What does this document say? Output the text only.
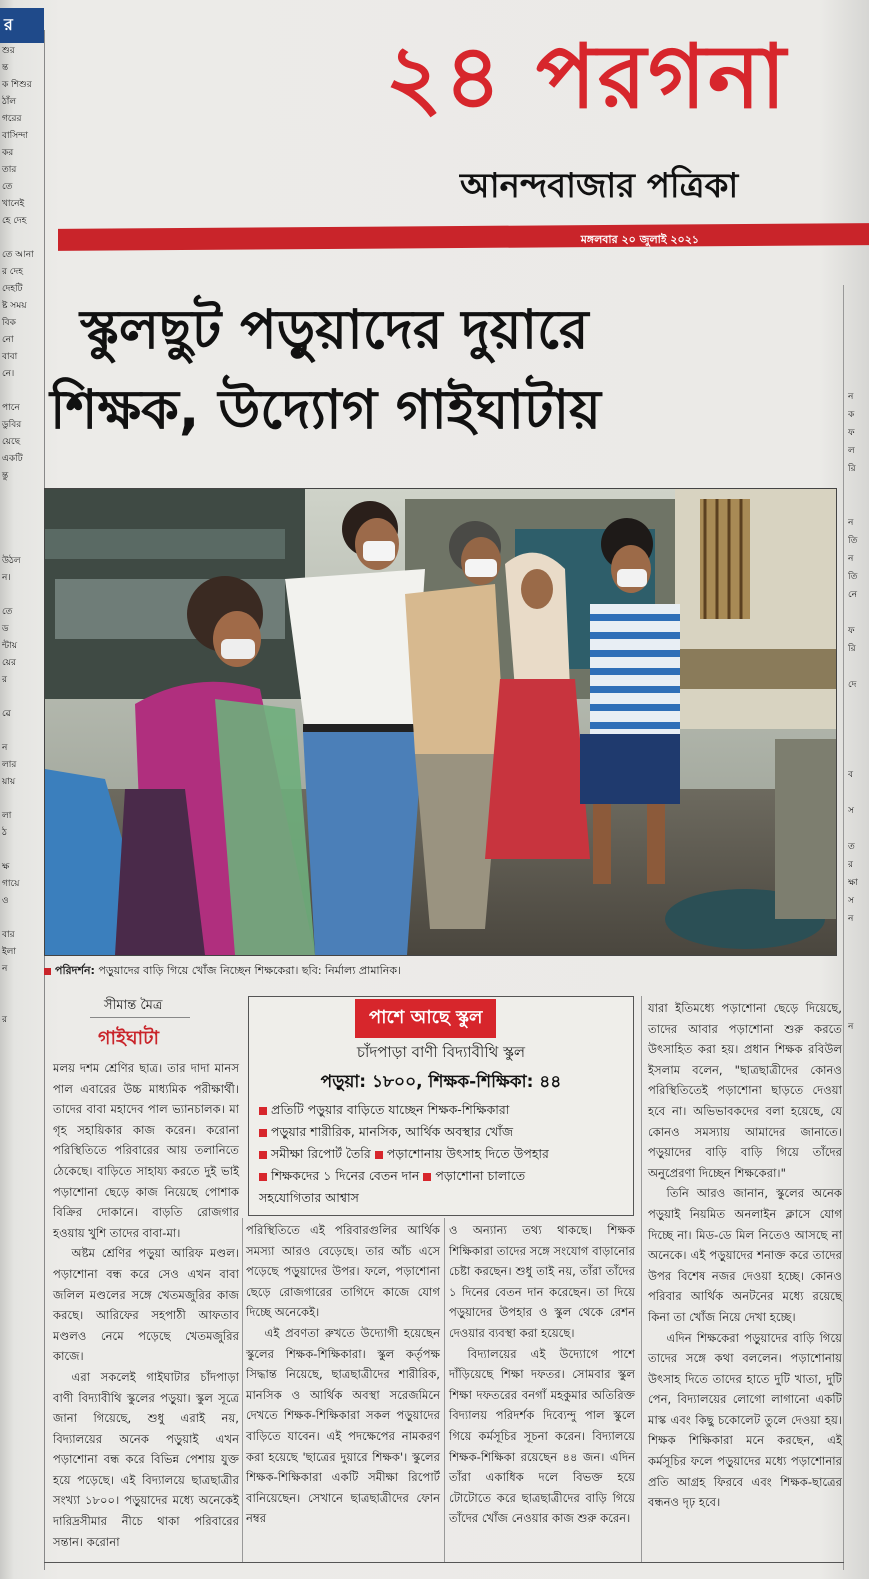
র
শুর
ন্ত
ক শিশুর
ঠাঁল
গরের
বাসিন্দা
কর
তার
তে
খানেই
হে দেহ

তে আনা
র দেহ
দেহটি
ষ্ট সময়
বিক
নো
বাবা
নে।

পানে
ডুবির
য়েছে
একটি
ন্তু

উঠল
ন।

তে
ড
ন্টায়
য়ের
র

ৱে

ন
লার
য়ায়

লা
ঠ

ক্ষ
গায়ে
ও

বার
ইলা
ন

র

ন
ক
ফ
ল
রি

ন
তি
ন
তি
নে

ফ
রি

দে

ব

স

ত
র
ক্ষা
স
ন

ন

২৪ পরগনা
আনন্দবাজার পত্রিকা
মঙ্গলবার ২০ জুলাই ২০২১
স্কুলছুট পড়ুয়াদের দুয়ারে
শিক্ষক, উদ্যোগ গাইঘাটায়
পরিদর্শন: পড়ুয়াদের বাড়ি গিয়ে খোঁজ নিচ্ছেন শিক্ষকেরা। ছবি: নির্মাল্য প্রামানিক।
সীমান্ত মৈত্র
গাইঘাটা
পাশে আছে স্কুল
চাঁদপাড়া বাণী বিদ্যাবীথি স্কুল
পড়ুয়া: ১৮০০, শিক্ষক-শিক্ষিকা: ৪৪
প্রতিটি পড়ুয়ার বাড়িতে যাচ্ছেন শিক্ষক-শিক্ষিকারা
পড়ুয়ার শারীরিক, মানসিক, আর্থিক অবস্থার খোঁজ
সমীক্ষা রিপোর্ট তৈরি পড়াশোনায় উৎসাহ দিতে উপহার
শিক্ষকদের ১ দিনের বেতন দান পড়াশোনা চালাতে
সহযোগিতার আশ্বাস

মলয় দশম শ্রেণির ছাত্র। তার দাদা মানস পাল এবারের উচ্চ মাধ্যমিক পরীক্ষার্থী। তাদের বাবা মহাদেব পাল ভ্যানচালক। মা গৃহ সহায়িকার কাজ করেন। করোনা পরিস্থিতিতে পরিবারের আয় তলানিতে ঠেকেছে। বাড়িতে সাহায্য করতে দুই ভাই পড়াশোনা ছেড়ে কাজ নিয়েছে পোশাক বিক্রির দোকানে। বাড়তি রোজগার হওয়ায় খুশি তাদের বাবা-মা।

অষ্টম শ্রেণির পড়ুয়া আরিফ মণ্ডল। পড়াশোনা বন্ধ করে সেও এখন বাবা জলিল মণ্ডলের সঙ্গে খেতমজুরির কাজ করছে। আরিফের সহপাঠী আফতাব মণ্ডলও নেমে পড়েছে খেতমজুরির কাজে।

এরা সকলেই গাইঘাটার চাঁদপাড়া বাণী বিদ্যাবীথি স্কুলের পড়ুয়া। স্কুল সূত্রে জানা গিয়েছে, শুধু এরাই নয়, বিদ্যালয়ের অনেক পড়ুয়াই এখন পড়াশোনা বন্ধ করে বিভিন্ন পেশায় যুক্ত হয়ে পড়েছে। এই বিদ্যালয়ে ছাত্রছাত্রীর সংখ্যা ১৮০০। পড়ুয়াদের মধ্যে অনেকেই দারিদ্রসীমার নীচে থাকা পরিবারের সন্তান। করোনা

পরিস্থিতিতে এই পরিবারগুলির আর্থিক সমস্যা আরও বেড়েছে। তার আঁচ এসে পড়েছে পড়ুয়াদের উপর। ফলে, পড়াশোনা ছেড়ে রোজগারের তাগিদে কাজে যোগ দিচ্ছে অনেকেই।

এই প্রবণতা রুখতে উদ্যোগী হয়েছেন স্কুলের শিক্ষক-শিক্ষিকারা। স্কুল কর্তৃপক্ষ সিদ্ধান্ত নিয়েছে, ছাত্রছাত্রীদের শারীরিক, মানসিক ও আর্থিক অবস্থা সরেজমিনে দেখতে শিক্ষক-শিক্ষিকারা সকল পড়ুয়াদের বাড়িতে যাবেন। এই পদক্ষেপের নামকরণ করা হয়েছে 'ছাত্রের দুয়ারে শিক্ষক'। স্কুলের শিক্ষক-শিক্ষিকারা একটি সমীক্ষা রিপোর্ট বানিয়েছেন। সেখানে ছাত্রছাত্রীদের ফোন নম্বর

ও অন্যান্য তথ্য থাকছে। শিক্ষক শিক্ষিকারা তাদের সঙ্গে সংযোগ বাড়ানোর চেষ্টা করছেন। শুধু তাই নয়, তাঁরা তাঁদের ১ দিনের বেতন দান করেছেন। তা দিয়ে পড়ুয়াদের উপহার ও স্কুল থেকে রেশন দেওয়ার ব্যবস্থা করা হয়েছে।

বিদ্যালয়ের এই উদ্যোগে পাশে দাঁড়িয়েছে শিক্ষা দফতর। সোমবার স্কুল শিক্ষা দফতরের বনগাঁ মহকুমার অতিরিক্ত বিদ্যালয় পরিদর্শক দিব্যেন্দু পাল স্কুলে গিয়ে কর্মসূচির সূচনা করেন। বিদ্যালয়ে শিক্ষক-শিক্ষিকা রয়েছেন ৪৪ জন। এদিন তাঁরা একাধিক দলে বিভক্ত হয়ে টোটোতে করে ছাত্রছাত্রীদের বাড়ি গিয়ে তাঁদের খোঁজ নেওয়ার কাজ শুরু করেন।

যারা ইতিমধ্যে পড়াশোনা ছেড়ে দিয়েছে, তাদের আবার পড়াশোনা শুরু করতে উৎসাহিত করা হয়। প্রধান শিক্ষক রবিউল ইসলাম বলেন, "ছাত্রছাত্রীদের কোনও পরিস্থিতিতেই পড়াশোনা ছাড়তে দেওয়া হবে না। অভিভাবকদের বলা হয়েছে, যে কোনও সমস্যায় আমাদের জানাতে। পড়ুয়াদের বাড়ি বাড়ি গিয়ে তাঁদের অনুপ্রেরণা দিচ্ছেন শিক্ষকেরা।"

তিনি আরও জানান, স্কুলের অনেক পড়ুয়াই নিয়মিত অনলাইন ক্লাসে যোগ দিচ্ছে না। মিড-ডে মিল নিতেও আসছে না অনেকে। এই পড়ুয়াদের শনাক্ত করে তাদের উপর বিশেষ নজর দেওয়া হচ্ছে। কোনও পরিবার আর্থিক অনটনের মধ্যে রয়েছে কিনা তা খোঁজ নিয়ে দেখা হচ্ছে।

এদিন শিক্ষকেরা পড়ুয়াদের বাড়ি গিয়ে তাদের সঙ্গে কথা বললেন। পড়াশোনায় উৎসাহ দিতে তাদের হাতে দুটি খাতা, দুটি পেন, বিদ্যালয়ের লোগো লাগানো একটি মাস্ক এবং কিছু চকোলেট তুলে দেওয়া হয়। শিক্ষক শিক্ষিকারা মনে করছেন, এই কর্মসূচির ফলে পড়ুয়াদের মধ্যে পড়াশোনার প্রতি আগ্রহ ফিরবে এবং শিক্ষক-ছাত্রের বন্ধনও দৃঢ় হবে।
